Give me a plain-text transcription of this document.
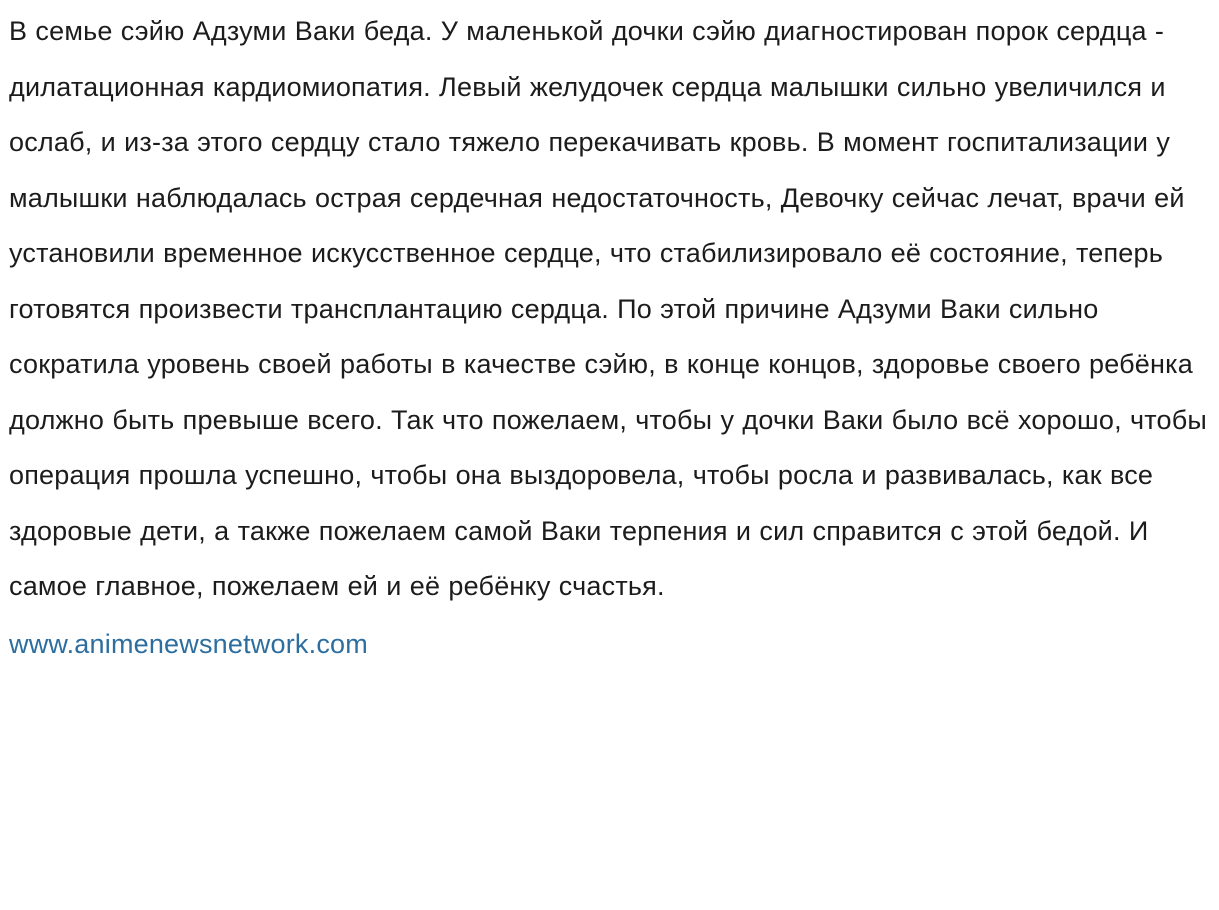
В семье сэйю Адзуми Ваки беда. У маленькой дочки сэйю диагностирован порок сердца - дилатационная кардиомиопатия. Левый желудочек сердца малышки сильно увеличился и ослаб, и из-за этого сердцу стало тяжело перекачивать кровь. В момент госпитализации у малышки наблюдалась острая сердечная недостаточность, Девочку сейчас лечат, врачи ей установили временное искусственное сердце, что стабилизировало её состояние, теперь готовятся произвести трансплантацию сердца. По этой причине Адзуми Ваки сильно сократила уровень своей работы в качестве сэйю, в конце концов, здоровье своего ребёнка должно быть превыше всего. Так что пожелаем, чтобы у дочки Ваки было всё хорошо, чтобы операция прошла успешно, чтобы она выздоровела, чтобы росла и развивалась, как все здоровые дети, а также пожелаем самой Ваки терпения и сил справится с этой бедой. И самое главное, пожелаем ей и её ребёнку счастья.

www.animenewsnetwork.com
